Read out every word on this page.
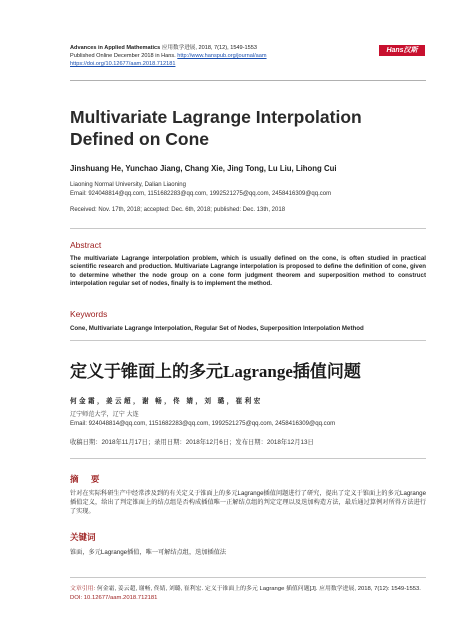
Advances in Applied Mathematics 应用数学进展, 2018, 7(12), 1549-1553
Published Online December 2018 in Hans. http://www.hanspub.org/journal/aam
https://doi.org/10.12677/aam.2018.712181
Hans汉斯
Multivariate Lagrange Interpolation Defined on Cone
Jinshuang He, Yunchao Jiang, Chang Xie, Jing Tong, Lu Liu, Lihong Cui
Liaoning Normal University, Dalian Liaoning
Email: 924048814@qq.com, 1151682283@qq.com, 1992521275@qq.com, 2458416309@qq.com
Received: Nov. 17th, 2018; accepted: Dec. 6th, 2018; published: Dec. 13th, 2018
Abstract
The multivariate Lagrange interpolation problem, which is usually defined on the cone, is often studied in practical scientific research and production. Multivariate Lagrange interpolation is proposed to define the definition of cone, given to determine whether the node group on a cone form judgment theorem and superposition method to construct interpolation regular set of nodes, finally is to implement the method.
Keywords
Cone, Multivariate Lagrange Interpolation, Regular Set of Nodes, Superposition Interpolation Method
定义于锥面上的多元Lagrange插值问题
何金霜，姜云超，谢 畅，佟 婧，刘 璐，崔利宏
辽宁师范大学，辽宁 大连
Email: 924048814@qq.com, 1151682283@qq.com, 1992521275@qq.com, 2458416309@qq.com
收稿日期：2018年11月17日；录用日期：2018年12月6日；发布日期：2018年12月13日
摘 要
针对在实际科研生产中经常涉及到的有关定义于锥面上的多元Lagrange插值问题进行了研究，提出了定义于锥面上的多元Lagrange插值定义，给出了判定锥面上的结点组是否构成插值唯一正解结点组的判定定理以及迭加构造方法，最后通过算例对所得方法进行了实现。
关键词
锥面，多元Lagrange插值，唯一可解结点组，迭加插值法
文章引用: 何金霜, 姜云超, 谢畅, 佟婧, 刘璐, 崔利宏. 定义于锥面上的多元 Lagrange 插值问题[J]. 应用数学进展, 2018, 7(12): 1549-1553. DOI: 10.12677/aam.2018.712181
